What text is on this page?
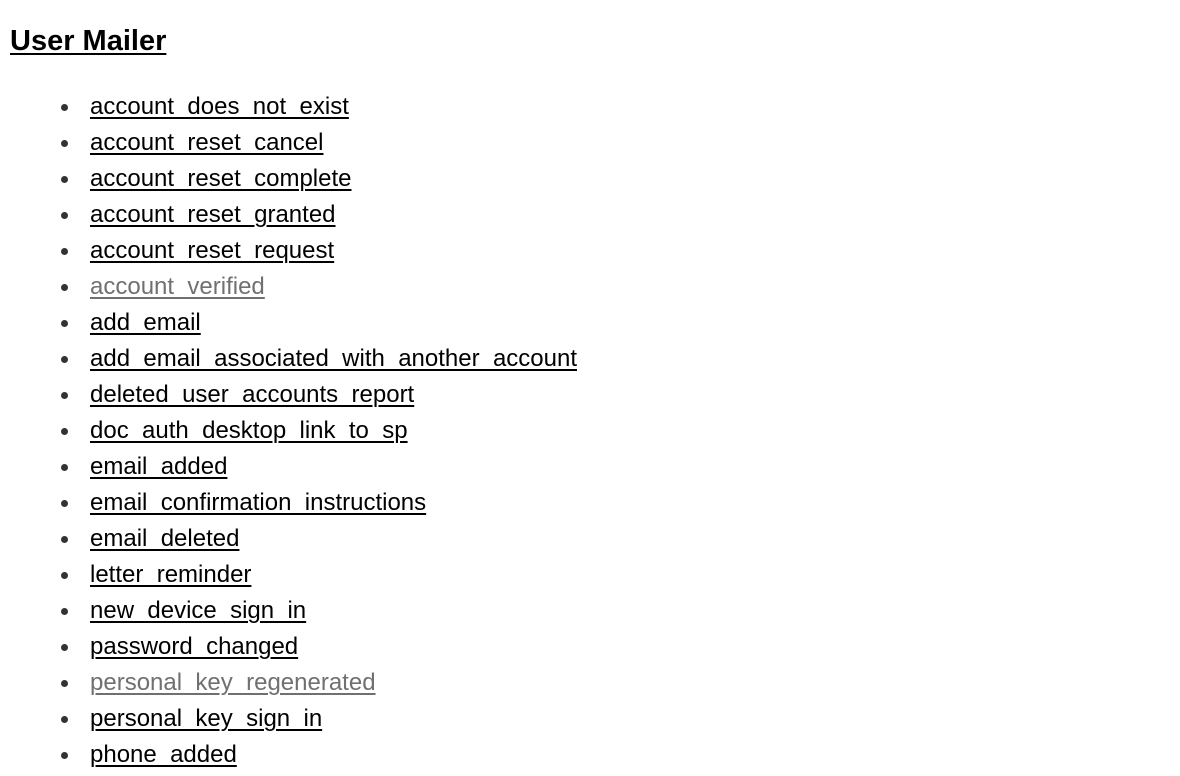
User Mailer
account_does_not_exist
account_reset_cancel
account_reset_complete
account_reset_granted
account_reset_request
account_verified
add_email
add_email_associated_with_another_account
deleted_user_accounts_report
doc_auth_desktop_link_to_sp
email_added
email_confirmation_instructions
email_deleted
letter_reminder
new_device_sign_in
password_changed
personal_key_regenerated
personal_key_sign_in
phone_added
